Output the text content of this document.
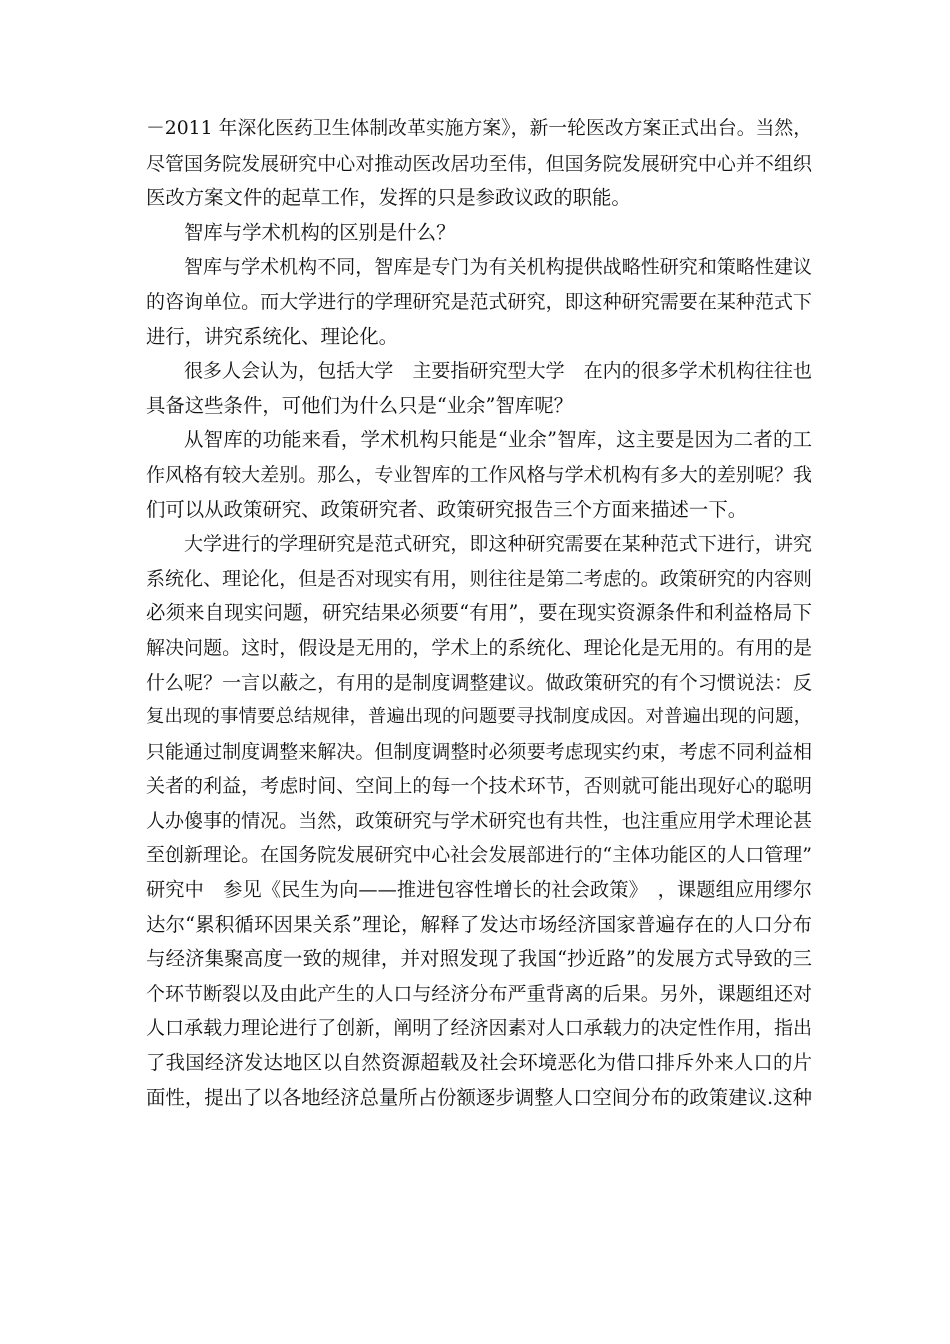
－2011 年深化医药卫生体制改革实施方案》，新一轮医改方案正式出台。当然，
尽管国务院发展研究中心对推动医改居功至伟，但国务院发展研究中心并不组织
医改方案文件的起草工作，发挥的只是参政议政的职能。
智库与学术机构的区别是什么？
智库与学术机构不同，智库是专门为有关机构提供战略性研究和策略性建议
的咨询单位。而大学进行的学理研究是范式研究，即这种研究需要在某种范式下
进行，讲究系统化、理论化。
很多人会认为，包括大学　主要指研究型大学　在内的很多学术机构往往也
具备这些条件，可他们为什么只是“业余”智库呢？
从智库的功能来看，学术机构只能是“业余”智库，这主要是因为二者的工
作风格有较大差别。那么，专业智库的工作风格与学术机构有多大的差别呢？我
们可以从政策研究、政策研究者、政策研究报告三个方面来描述一下。
大学进行的学理研究是范式研究，即这种研究需要在某种范式下进行，讲究
系统化、理论化，但是否对现实有用，则往往是第二考虑的。政策研究的内容则
必须来自现实问题，研究结果必须要“有用”，要在现实资源条件和利益格局下
解决问题。这时，假设是无用的，学术上的系统化、理论化是无用的。有用的是
什么呢？一言以蔽之，有用的是制度调整建议。做政策研究的有个习惯说法：反
复出现的事情要总结规律，普遍出现的问题要寻找制度成因。对普遍出现的问题，
只能通过制度调整来解决。但制度调整时必须要考虑现实约束，考虑不同利益相
关者的利益，考虑时间、空间上的每一个技术环节，否则就可能出现好心的聪明
人办傻事的情况。当然，政策研究与学术研究也有共性，也注重应用学术理论甚
至创新理论。在国务院发展研究中心社会发展部进行的“主体功能区的人口管理”
研究中　参见《民生为向——推进包容性增长的社会政策》　，课题组应用缪尔
达尔“累积循环因果关系”理论，解释了发达市场经济国家普遍存在的人口分布
与经济集聚高度一致的规律，并对照发现了我国“抄近路”的发展方式导致的三
个环节断裂以及由此产生的人口与经济分布严重背离的后果。另外，课题组还对
人口承载力理论进行了创新，阐明了经济因素对人口承载力的决定性作用，指出
了我国经济发达地区以自然资源超载及社会环境恶化为借口排斥外来人口的片
面性，提出了以各地经济总量所占份额逐步调整人口空间分布的政策建议.这种
